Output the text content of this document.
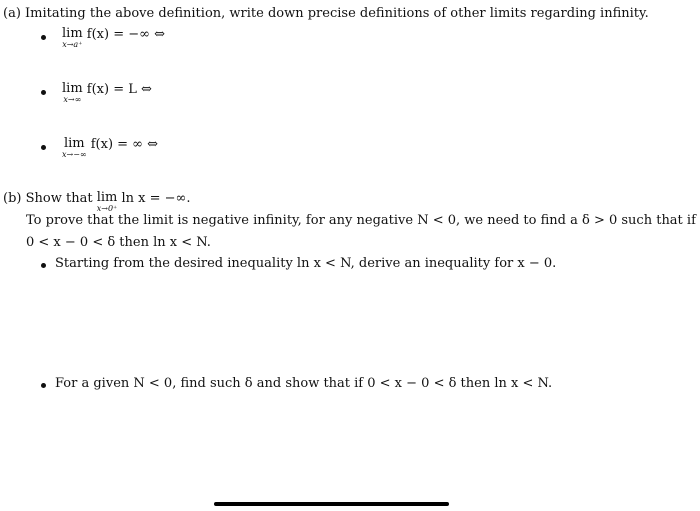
(a) Imitating the above definition, write down precise definitions of other limits regarding infinity.
lim
x→a⁺
f(x) = −∞ ⇔
lim
x→∞
f(x) = L ⇔
lim
x→−∞
f(x) = ∞ ⇔
(b) Show that lim
x→0⁺
ln x = −∞.
To prove that the limit is negative infinity, for any negative N < 0, we need to find a δ > 0 such that if
0 < x − 0 < δ then ln x < N.
Starting from the desired inequality ln x < N, derive an inequality for x − 0.
For a given N < 0, find such δ and show that if 0 < x − 0 < δ then ln x < N.
